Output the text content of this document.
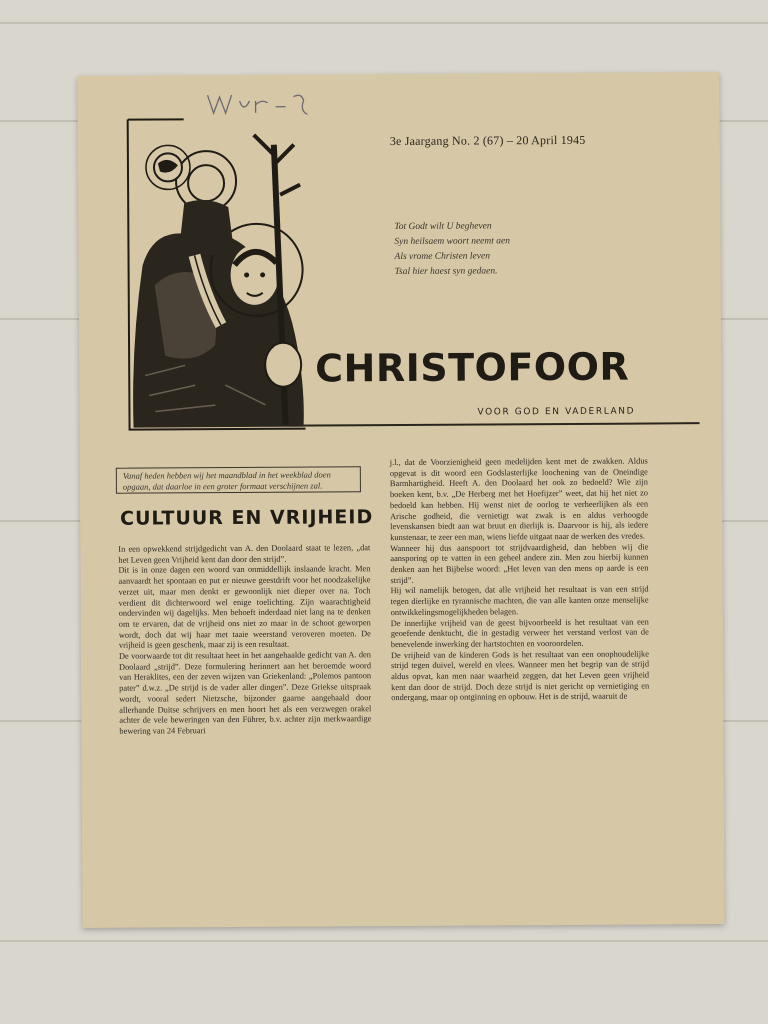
3e Jaargang No. 2 (67) – 20 April 1945
Tot Godt wilt U begheven
Syn heilsaem woort neemt aen
Als vrome Christen leven
Tsal hier haest syn gedaen.
CHRISTOFOOR
VOOR GOD EN VADERLAND
Vanaf heden hebben wij het maandblad in het weekblad doen opgaan, dat daarloe in een groter formaat verschijnen zal.
CULTUUR EN VRIJHEID

In een opwekkend strijdgedicht van A. den Doolaard staat te lezen, „dat het Leven geen Vrijheid kent dan door den strijd”.

Dit is in onze dagen een woord van onmiddellijk inslaande kracht. Men aanvaardt het spontaan en put er nieuwe geestdrift voor het noodzakelijke verzet uit, maar men denkt er gewoonlijk niet dieper over na. Toch verdient dit dichterwoord wel enige toelichting. Zijn waarachtigheid ondervinden wij dagelijks. Men behoeft inderdaad niet lang na te denken om te ervaren, dat de vrijheid ons niet zo maar in de schoot geworpen wordt, doch dat wij haar met taaie weerstand veroveren moeten. De vrijheid is geen geschenk, maar zij is een resultaat.

De voorwaarde tot dit resultaat heet in het aangehaalde gedicht van A. den Doolaard „strijd”. Deze formulering herinnert aan het beroemde woord van Heraklites, een der zeven wijzen van Griekenland: „Polemos pantoon pater” d.w.z. „De strijd is de vader aller dingen”. Deze Griekse uitspraak wordt, vooral sedert Nietzsche, bijzonder gaarne aangehaald door allerhande Duitse schrijvers en men hoort het als een verzwegen orakel achter de vele beweringen van den Führer, b.v. achter zijn merkwaardige bewering van 24 Februari

j.l., dat de Voorzienigheid geen medelijden kent met de zwakken. Aldus opgevat is dit woord een Godslasterlijke loochening van de Oneindige Barmhartigheid. Heeft A. den Doolaard het ook zo bedoeld? Wie zijn boeken kent, b.v. „De Herberg met het Hoefijzer” weet, dat hij het niet zo bedoeld kan hebben. Hij wenst niet de oorlog te verheerlijken als een Arische godheid, die vernietigt wat zwak is en aldus verhoogde levenskansen biedt aan wat bruut en dierlijk is. Daarvoor is hij, als iedere kunstenaar, te zeer een man, wiens liefde uitgaat naar de werken des vredes.

Wanneer hij dus aanspoort tot strijdvaardigheid, dan hebben wij die aansporing op te vatten in een geheel andere zin. Men zou hierbij kunnen denken aan het Bijbelse woord: „Het leven van den mens op aarde is een strijd”.

Hij wil namelijk betogen, dat alle vrijheid het resultaat is van een strijd tegen dierlijke en tyrannische machten, die van alle kanten onze menselijke ontwikkelingsmogelijkheden belagen.

De innerlijke vrijheid van de geest bijvoorbeeld is het resultaat van een geoefende denktucht, die in gestadig verweer het verstand verlost van de benevelende inwerking der hartstochten en vooroordelen.

De vrijheid van de kinderen Gods is het resultaat van een onophoudelijke strijd tegen duivel, wereld en vlees. Wanneer men het begrip van de strijd aldus opvat, kan men naar waarheid zeggen, dat het Leven geen vrijheid kent dan door de strijd. Doch deze strijd is niet gericht op vernietiging en ondergang, maar op ontginning en opbouw. Het is de strijd, waaruit de
